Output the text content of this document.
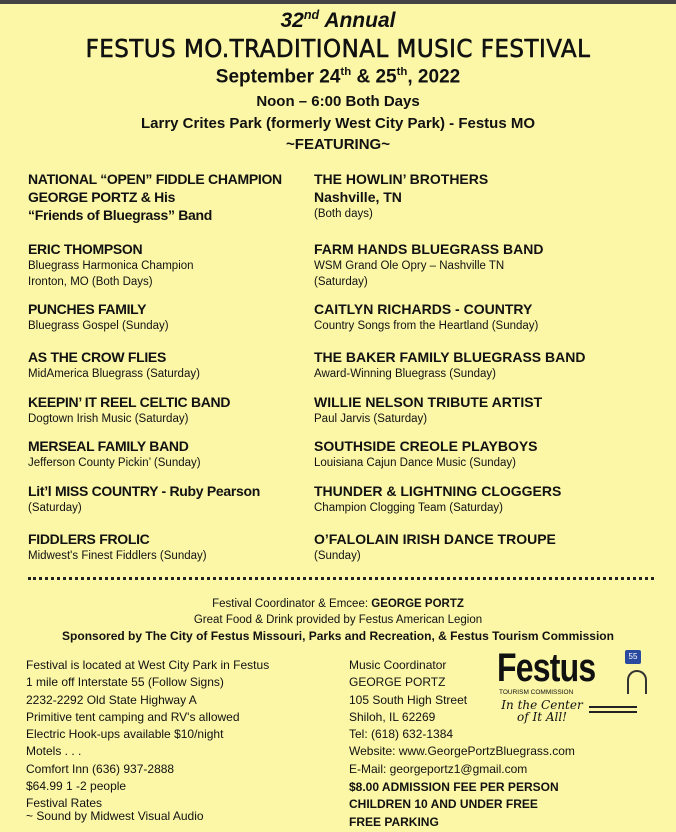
32nd Annual
FESTUS MO.TRADITIONAL MUSIC FESTIVAL
September 24th & 25th, 2022
Noon – 6:00 Both Days
Larry Crites Park (formerly West City Park) - Festus MO
~FEATURING~
NATIONAL “OPEN” FIDDLE CHAMPION
GEORGE PORTZ & His
“Friends of Bluegrass” Band
ERIC THOMPSON
Bluegrass Harmonica Champion
Ironton, MO (Both Days)
PUNCHES FAMILY
Bluegrass Gospel (Sunday)
AS THE CROW FLIES
MidAmerica Bluegrass (Saturday)
KEEPIN’ IT REEL CELTIC BAND
Dogtown Irish Music (Saturday)
MERSEAL FAMILY BAND
Jefferson County Pickin’ (Sunday)
Lit’l MISS COUNTRY - Ruby Pearson
(Saturday)
FIDDLERS FROLIC
Midwest's Finest Fiddlers (Sunday)
THE HOWLIN’ BROTHERS
Nashville, TN
(Both days)
FARM HANDS BLUEGRASS BAND
WSM Grand Ole Opry – Nashville TN
(Saturday)
CAITLYN RICHARDS - COUNTRY
Country Songs from the Heartland (Sunday)
THE BAKER FAMILY BLUEGRASS BAND
Award-Winning Bluegrass (Sunday)
WILLIE NELSON TRIBUTE ARTIST
Paul Jarvis (Saturday)
SOUTHSIDE CREOLE PLAYBOYS
Louisiana Cajun Dance Music (Sunday)
THUNDER & LIGHTNING CLOGGERS
Champion Clogging Team (Saturday)
O’FALOLAIN IRISH DANCE TROUPE
(Sunday)
Festival Coordinator & Emcee: GEORGE PORTZ
Great Food & Drink provided by Festus American Legion
Sponsored by The City of Festus Missouri, Parks and Recreation, & Festus Tourism Commission
Festival is located at West City Park in Festus
1 mile off Interstate 55 (Follow Signs)
2232-2292 Old State Highway A
Primitive tent camping and RV's allowed
Electric Hook-ups available $10/night
Motels . . .
Comfort Inn (636) 937-2888
$64.99 1 -2 people
Festival Rates
~ Sound by Midwest Visual Audio
Music Coordinator
GEORGE PORTZ
105 South High Street
Shiloh, IL 62269
Tel: (618) 632-1384
Website: www.GeorgePortzBluegrass.com
E-Mail: georgeportz1@gmail.com
$8.00 ADMISSION FEE PER PERSON
CHILDREN 10 AND UNDER FREE
FREE PARKING
Festus	55
TOURISM COMMISSION
In the Center
of It All!
